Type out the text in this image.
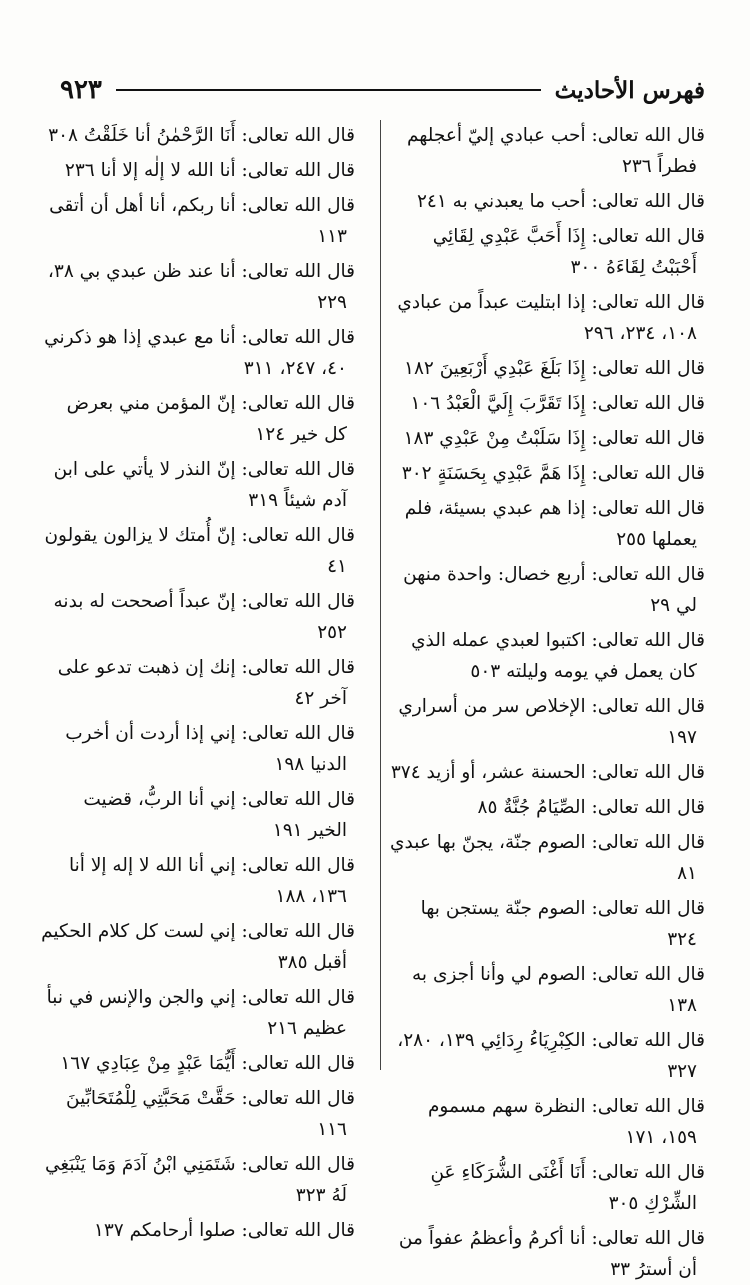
فهرس الأحاديث
٩٢٣
قال الله تعالى: أحب عبادي إليّ أعجلهم فطراً ٢٣٦
قال الله تعالى: أحب ما يعبدني به ٢٤١
قال الله تعالى: إِذَا أَحَبَّ عَبْدِي لِقَائِي أَحْبَبْتُ لِقَاءَهُ ٣٠٠
قال الله تعالى: إذا ابتليت عبداً من عبادي ١٠٨، ٢٣٤، ٢٩٦
قال الله تعالى: إِذَا بَلَغَ عَبْدِي أَرْبَعِينَ ١٨٢
قال الله تعالى: إِذَا تَقَرَّبَ إِلَيَّ الْعَبْدُ ١٠٦
قال الله تعالى: إِذَا سَلَبْتُ مِنْ عَبْدِي ١٨٣
قال الله تعالى: إِذَا هَمَّ عَبْدِي بِحَسَنَةٍ ٣٠٢
قال الله تعالى: إذا هم عبدي بسيئة، فلم يعملها ٢٥٥
قال الله تعالى: أربع خصال: واحدة منهن لي ٢٩
قال الله تعالى: اكتبوا لعبدي عمله الذي كان يعمل في يومه وليلته ٥٠٣
قال الله تعالى: الإخلاص سر من أسراري ١٩٧
قال الله تعالى: الحسنة عشر، أو أزيد ٣٧٤
قال الله تعالى: الصِّيَامُ جُنَّةٌ ٨٥
قال الله تعالى: الصوم جنّة، يجنّ بها عبدي ٨١
قال الله تعالى: الصوم جنّة يستجن بها ٣٢٤
قال الله تعالى: الصوم لي وأنا أجزى به ١٣٨
قال الله تعالى: الكِبْرِيَاءُ رِدَائِي ١٣٩، ٢٨٠، ٣٢٧
قال الله تعالى: النظرة سهم مسموم ١٥٩، ١٧١
قال الله تعالى: أَنَا أَغْنَى الشُّرَكَاءِ عَنِ الشِّرْكِ ٣٠٥
قال الله تعالى: أنا أكرمُ وأعظمُ عفواً من أن أسترُ ٣٣
قال الله تعالى: أَنَا الرَّحْمٰنُ أنا خَلَقْتُ ٣٠٨
قال الله تعالى: أنا الله لا إلٰه إلا أنا ٢٣٦
قال الله تعالى: أنا ربكم، أنا أهل أن أتقى ١١٣
قال الله تعالى: أنا عند ظن عبدي بي ٣٨، ٢٢٩
قال الله تعالى: أنا مع عبدي إذا هو ذكرني ٤٠، ٢٤٧، ٣١١
قال الله تعالى: إنّ المؤمن مني بعرض كل خير ١٢٤
قال الله تعالى: إنّ النذر لا يأتي على ابن آدم شيئاً ٣١٩
قال الله تعالى: إنّ أُمتك لا يزالون يقولون ٤١
قال الله تعالى: إنّ عبداً أصححت له بدنه ٢٥٢
قال الله تعالى: إنك إن ذهبت تدعو على آخر ٤٢
قال الله تعالى: إني إذا أردت أن أخرب الدنيا ١٩٨
قال الله تعالى: إني أنا الربُّ، قضيت الخير ١٩١
قال الله تعالى: إني أنا الله لا إله إلا أنا ١٣٦، ١٨٨
قال الله تعالى: إني لست كل كلام الحكيم أقبل ٣٨٥
قال الله تعالى: إني والجن والإنس في نبأ عظيم ٢١٦
قال الله تعالى: أَيُّمَا عَبْدٍ مِنْ عِبَادِي ١٦٧
قال الله تعالى: حَقَّتْ مَحَبَّتِي لِلْمُتَحَابِّينَ ١١٦
قال الله تعالى: شَتَمَنِي ابْنُ آدَمَ وَمَا يَنْبَغِي لَهُ ٣٢٣
قال الله تعالى: صلوا أرحامكم ١٣٧
